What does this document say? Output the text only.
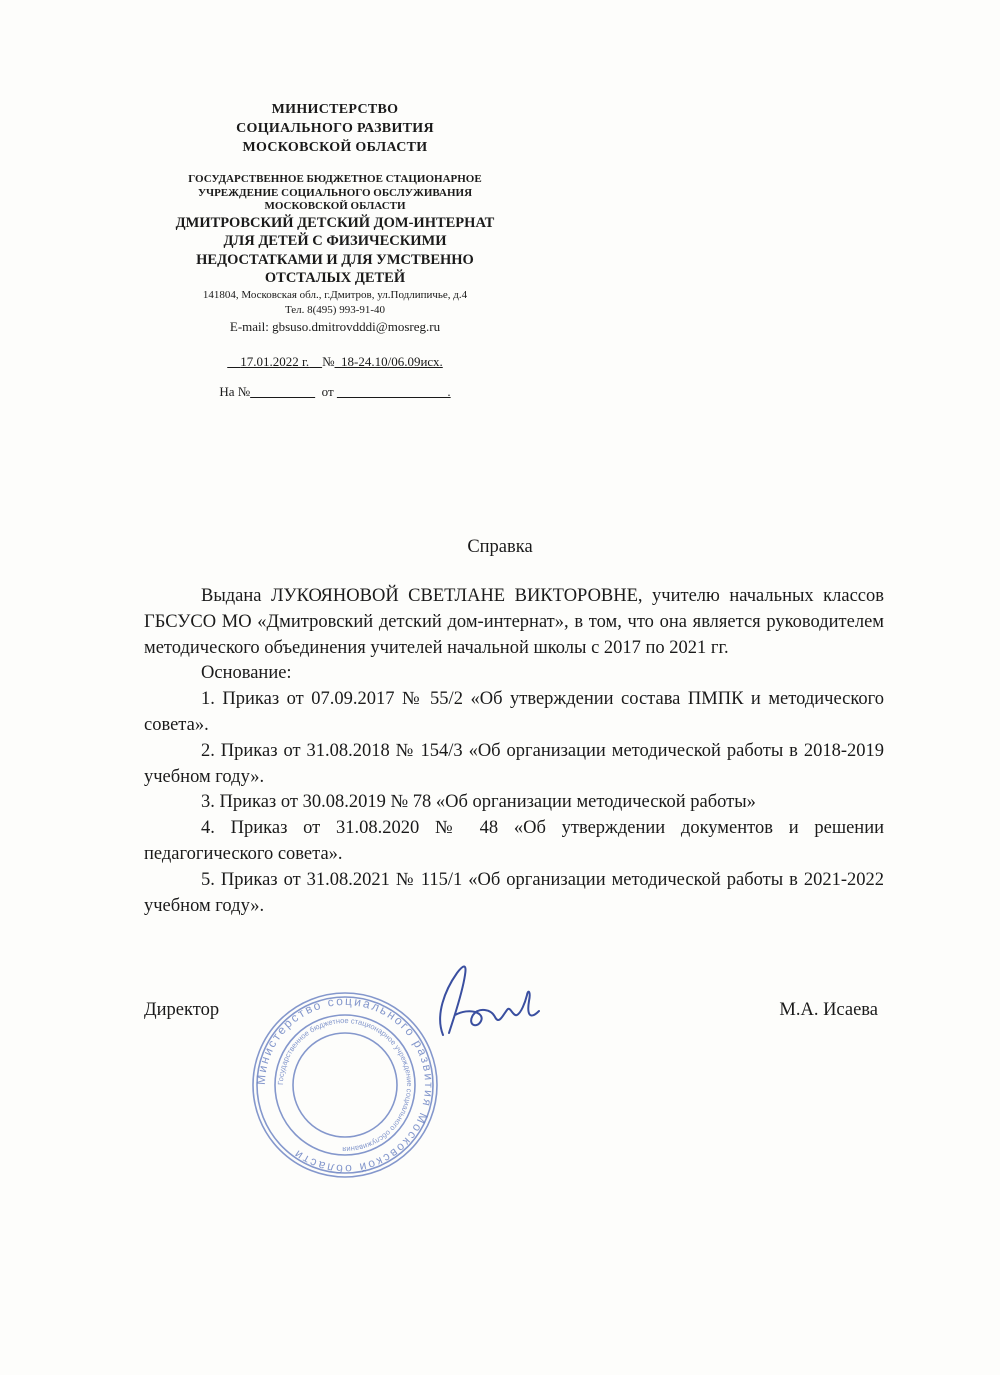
МИНИСТЕРСТВО
СОЦИАЛЬНОГО РАЗВИТИЯ
МОСКОВСКОЙ ОБЛАСТИ
ГОСУДАРСТВЕННОЕ БЮДЖЕТНОЕ СТАЦИОНАРНОЕ
УЧРЕЖДЕНИЕ СОЦИАЛЬНОГО ОБСЛУЖИВАНИЯ
МОСКОВСКОЙ ОБЛАСТИ
ДМИТРОВСКИЙ ДЕТСКИЙ ДОМ-ИНТЕРНАТ
ДЛЯ ДЕТЕЙ С ФИЗИЧЕСКИМИ
НЕДОСТАТКАМИ И ДЛЯ УМСТВЕННО
ОТСТАЛЫХ ДЕТЕЙ
141804, Московская обл., г.Дмитров, ул.Подлипичье, д.4
Тел. 8(495) 993-91-40
E-mail: gbsuso.dmitrovdddi@mosreg.ru
17.01.2022 г. № 18-24.10/06.09исх.
На №	от                                   .
Справка

Выдана ЛУКОЯНОВОЙ СВЕТЛАНЕ ВИКТОРОВНЕ, учителю начальных классов ГБСУСО МО «Дмитровский детский дом-интернат», в том, что она является руководителем методического объединения учителей начальной школы с 2017 по 2021 гг.

Основание:

1. Приказ от 07.09.2017 № 55/2 «Об утверждении состава ПМПК и методического совета».

2. Приказ от 31.08.2018 № 154/3 «Об организации методической работы в 2018-2019 учебном году».

3. Приказ от 30.08.2019 № 78 «Об организации методической работы»

4. Приказ от 31.08.2020 № 48 «Об утверждении документов и решении педагогического совета».

5. Приказ от 31.08.2021 № 115/1 «Об организации методической работы в 2021-2022 учебном году».

Министерство социального развития Московской области
Государственное бюджетное стационарное учреждение социального обслуживания
Директор	М.А. Исаева
